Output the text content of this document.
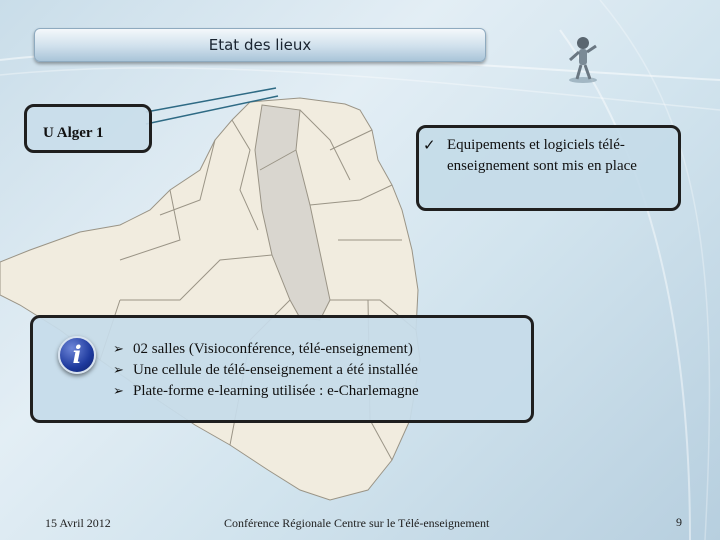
Etat des lieux
U Alger 1
✓ Equipements et logiciels télé-enseignement sont mis en place
i	➢ 02 salles (Visioconférence, télé-enseignement)
➢ Une cellule de télé-enseignement a été installée
➢ Plate-forme e-learning utilisée : e-Charlemagne
15 Avril 2012	Conférence Régionale Centre sur le Télé-enseignement	9
